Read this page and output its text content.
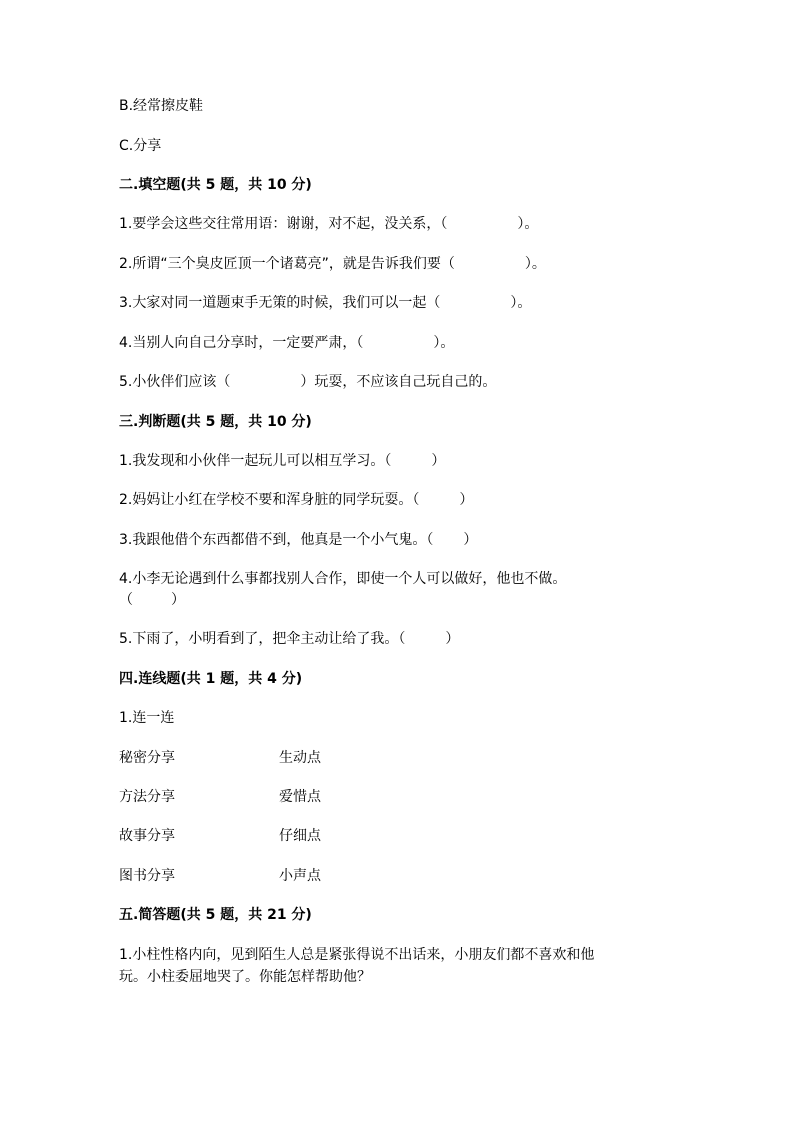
B.经常擦皮鞋
C.分享
二.填空题(共 5 题，共 10 分)
1.要学会这些交往常用语：谢谢，对不起，没关系，（	）。
2.所谓“三个臭皮匠顶一个诸葛亮”，就是告诉我们要（	）。
3.大家对同一道题束手无策的时候，我们可以一起（	）。
4.当别人向自己分享时，一定要严肃，（	）。
5.小伙伴们应该（	）玩耍，不应该自己玩自己的。
三.判断题(共 5 题，共 10 分)
1.我发现和小伙伴一起玩儿可以相互学习。（	）
2.妈妈让小红在学校不要和浑身脏的同学玩耍。（	）
3.我跟他借个东西都借不到，他真是一个小气鬼。（ ）
4.小李无论遇到什么事都找别人合作，即使一个人可以做好，他也不做。
（	）
5.下雨了，小明看到了，把伞主动让给了我。（	）
四.连线题(共 1 题，共 4 分)
1.连一连
秘密分享	生动点
方法分享	爱惜点
故事分享	仔细点
图书分享	小声点
五.简答题(共 5 题，共 21 分)
1.小柱性格内向，见到陌生人总是紧张得说不出话来，小朋友们都不喜欢和他
玩。小柱委屈地哭了。你能怎样帮助他？
